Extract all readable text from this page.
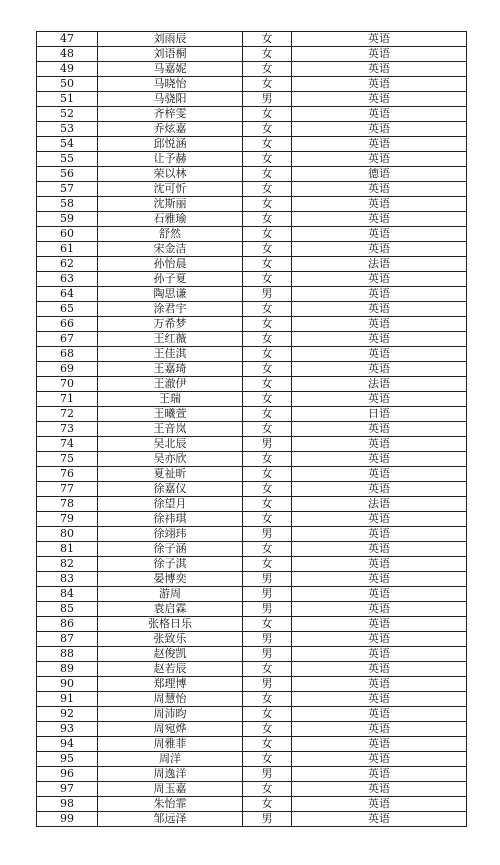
47	刘雨辰	女	英语
48	刘语桐	女	英语
49	马嘉妮	女	英语
50	马晓怡	女	英语
51	马骁阳	男	英语
52	齐梓雯	女	英语
53	乔炫嘉	女	英语
54	邱悦涵	女	英语
55	让予赫	女	英语
56	荣以林	女	德语
57	沈可忻	女	英语
58	沈斯丽	女	英语
59	石雅瑜	女	英语
60	舒然	女	英语
61	宋金洁	女	英语
62	孙怡晨	女	法语
63	孙子夏	女	英语
64	陶思谦	男	英语
65	涂君宇	女	英语
66	万希梦	女	英语
67	王红薇	女	英语
68	王佳淇	女	英语
69	王嘉琦	女	英语
70	王澈伊	女	法语
71	王瑞	女	英语
72	王曦萱	女	日语
73	王音岚	女	英语
74	吴北辰	男	英语
75	吴亦欣	女	英语
76	夏祉昕	女	英语
77	徐嘉仪	女	英语
78	徐望月	女	法语
79	徐祎琪	女	英语
80	徐翊玮	男	英语
81	徐子涵	女	英语
82	徐子淇	女	英语
83	晏博奕	男	英语
84	游周	男	英语
85	袁启霖	男	英语
86	张格日乐	女	英语
87	张致乐	男	英语
88	赵俊凯	男	英语
89	赵若辰	女	英语
90	郑理博	男	英语
91	周慧怡	女	英语
92	周沛昀	女	英语
93	周宛烨	女	英语
94	周雅菲	女	英语
95	周洋	女	英语
96	周逸洋	男	英语
97	周玉嘉	女	英语
98	朱怡霏	女	英语
99	邹远泽	男	英语
